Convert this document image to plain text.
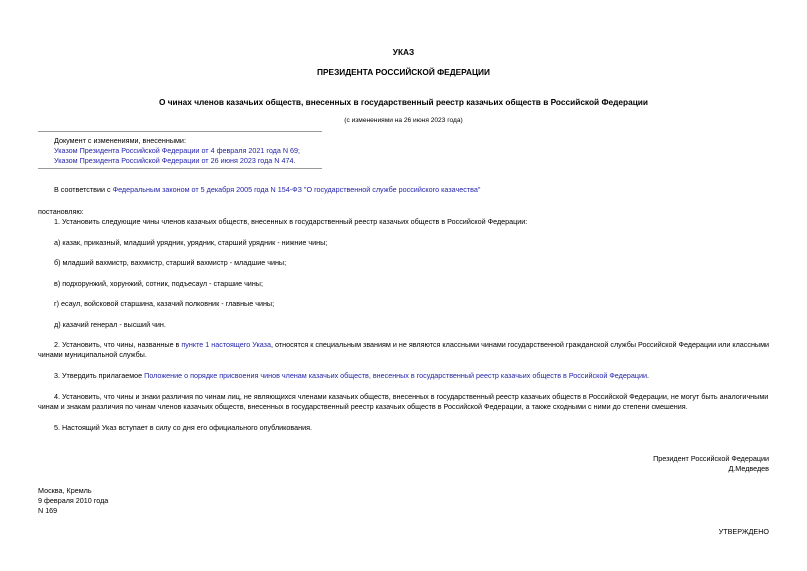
УКАЗ
ПРЕЗИДЕНТА РОССИЙСКОЙ ФЕДЕРАЦИИ
О чинах членов казачьих обществ, внесенных в государственный реестр казачьих обществ в Российской Федерации
(с изменениями на 26 июня 2023 года)
Документ с изменениями, внесенными:
Указом Президента Российской Федерации от 4 февраля 2021 года N 69;
Указом Президента Российской Федерации от 26 июня 2023 года N 474.
В соответствии с Федеральным законом от 5 декабря 2005 года N 154-ФЗ "О государственной службе российского казачества"
постановляю:
1. Установить следующие чины членов казачьих обществ, внесенных в государственный реестр казачьих обществ в Российской Федерации:
а) казак, приказный, младший урядник, урядник, старший урядник - нижние чины;
б) младший вахмистр, вахмистр, старший вахмистр - младшие чины;
в) подхорунжий, хорунжий, сотник, подъесаул - старшие чины;
г) есаул, войсковой старшина, казачий полковник - главные чины;
д) казачий генерал - высший чин.
2. Установить, что чины, названные в пункте 1 настоящего Указа, относятся к специальным званиям и не являются классными чинами государственной гражданской службы Российской Федерации или классными чинами муниципальной службы.
3. Утвердить прилагаемое Положение о порядке присвоения чинов членам казачьих обществ, внесенных в государственный реестр казачьих обществ в Российской Федерации.
4. Установить, что чины и знаки различия по чинам лиц, не являющихся членами казачьих обществ, внесенных в государственный реестр казачьих обществ в Российской Федерации, не могут быть аналогичными чинам и знакам различия по чинам членов казачьих обществ, внесенных в государственный реестр казачьих обществ в Российской Федерации, а также сходными с ними до степени смешения.
5. Настоящий Указ вступает в силу со дня его официального опубликования.
Президент Российской Федерации
Д.Медведев
Москва, Кремль
9 февраля 2010 года
N 169
УТВЕРЖДЕНО
